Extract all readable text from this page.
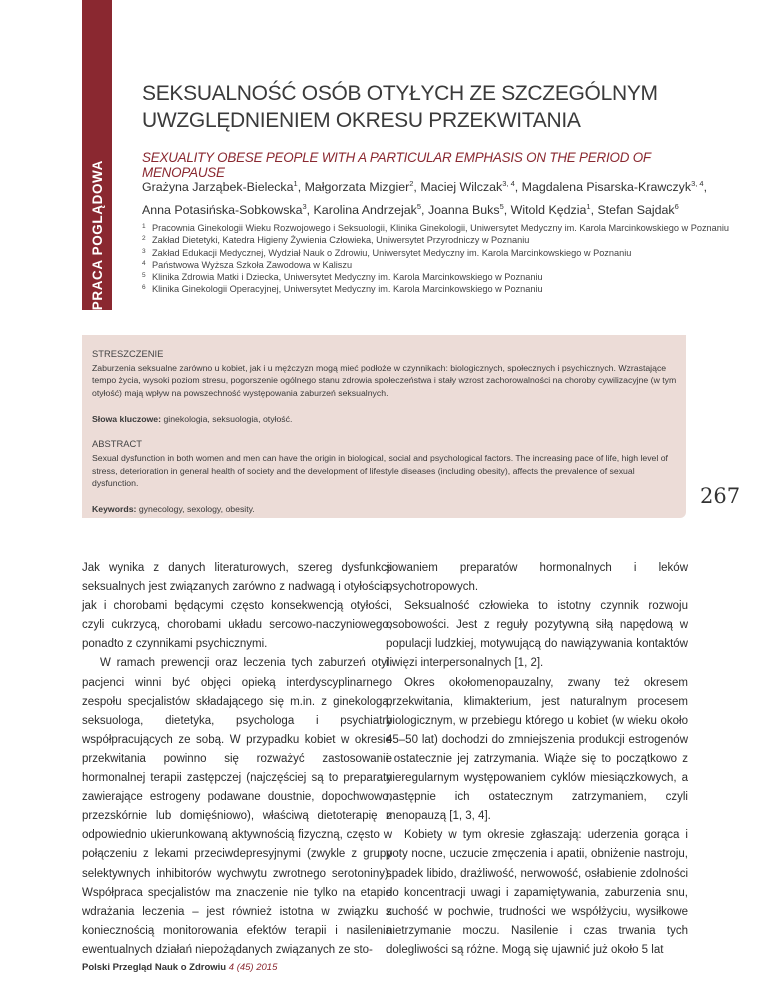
PRACA POGLĄDOWA
SEKSUALNOŚĆ OSÓB OTYŁYCH ZE SZCZEGÓLNYM UWZGLĘDNIENIEM OKRESU PRZEKWITANIA
SEXUALITY OBESE PEOPLE WITH A PARTICULAR EMPHASIS ON THE PERIOD OF MENOPAUSE
Grażyna Jarząbek-Bielecka$^1$, Małgorzata Mizgier$^2$, Maciej Wilczak$^{3, 4}$, Magdalena Pisarska-Krawczyk$^{3, 4}$,
Anna Potasińska-Sobkowska$^3$, Karolina Andrzejak$^5$, Joanna Buks$^5$, Witold Kędzia$^1$, Stefan Sajdak$^6$
1 Pracownia Ginekologii Wieku Rozwojowego i Seksuologii, Klinika Ginekologii, Uniwersytet Medyczny im. Karola Marcinkowskiego w Poznaniu
2 Zakład Dietetyki, Katedra Higieny Żywienia Człowieka, Uniwersytet Przyrodniczy w Poznaniu
3 Zakład Edukacji Medycznej, Wydział Nauk o Zdrowiu, Uniwersytet Medyczny im. Karola Marcinkowskiego w Poznaniu
4 Państwowa Wyższa Szkoła Zawodowa w Kaliszu
5 Klinika Zdrowia Matki i Dziecka, Uniwersytet Medyczny im. Karola Marcinkowskiego w Poznaniu
6 Klinika Ginekologii Operacyjnej, Uniwersytet Medyczny im. Karola Marcinkowskiego w Poznaniu
STRESZCZENIE
Zaburzenia seksualne zarówno u kobiet, jak i u mężczyzn mogą mieć podłoże w czynnikach: biologicznych, społecznych i psychicznych. Wzrastające tempo życia, wysoki poziom stresu, pogorszenie ogólnego stanu zdrowia społeczeństwa i stały wzrost zachorowalności na choroby cywilizacyjne (w tym otyłość) mają wpływ na powszechność występowania zaburzeń seksualnych.
Słowa kluczowe: ginekologia, seksuologia, otyłość.
ABSTRACT
Sexual dysfunction in both women and men can have the origin in biological, social and psychological factors. The increasing pace of life, high level of stress, deterioration in general health of society and the development of lifestyle diseases (including obesity), affects the prevalence of sexual dysfunction.
Keywords: gynecology, sexology, obesity.
267

Jak wynika z danych literaturowych, szereg dysfunkcji seksualnych jest związanych zarówno z nadwagą i otyłością, jak i chorobami będącymi często konsekwencją otyłości, czyli cukrzycą, chorobami układu sercowo-naczyniowego, ponadto z czynnikami psychicznymi.

W ramach prewencji oraz leczenia tych zaburzeń otyli pacjenci winni być objęci opieką interdyscyplinarnego zespołu specjalistów składającego się m.in. z ginekologa, seksuologa, dietetyka, psychologa i psychiatry współpracujących ze sobą. W przypadku kobiet w okresie przekwitania powinno się rozważyć zastosowanie hormonalnej terapii zastępczej (najczęściej są to preparaty zawierające estrogeny podawane doustnie, dopochwowo, przezskórnie lub domięśniowo), właściwą dietoterapię z odpowiednio ukierunkowaną aktywnością fizyczną, często w połączeniu z lekami przeciwdepresyjnymi (zwykle z grupy selektywnych inhibitorów wychwytu zwrotnego serotoniny). Współpraca specjalistów ma znaczenie nie tylko na etapie wdrażania leczenia – jest również istotna w związku z koniecznością monitorowania efektów terapii i nasilenia ewentualnych działań niepożądanych związanych ze sto-

sowaniem preparatów hormonalnych i leków psychotropowych.

Seksualność człowieka to istotny czynnik rozwoju osobowości. Jest z reguły pozytywną siłą napędową w populacji ludzkiej, motywującą do nawiązywania kontaktów i więzi interpersonalnych [1, 2].

Okres okołomenopauzalny, zwany też okresem przekwitania, klimakterium, jest naturalnym procesem biologicznym, w przebiegu którego u kobiet (w wieku około 45–50 lat) dochodzi do zmniejszenia produkcji estrogenów i ostatecznie jej zatrzymania. Wiąże się to początkowo z nieregularnym występowaniem cyklów miesiączkowych, a następnie ich ostatecznym zatrzymaniem, czyli menopauzą [1, 3, 4].

Kobiety w tym okresie zgłaszają: uderzenia gorąca i poty nocne, uczucie zmęczenia i apatii, obniżenie nastroju, spadek libido, drażliwość, nerwowość, osłabienie zdolności do koncentracji uwagi i zapamiętywania, zaburzenia snu, suchość w pochwie, trudności we współżyciu, wysiłkowe nietrzymanie moczu. Nasilenie i czas trwania tych dolegliwości są różne. Mogą się ujawnić już około 5 lat

Polski Przegląd Nauk o Zdrowiu 4 (45) 2015
